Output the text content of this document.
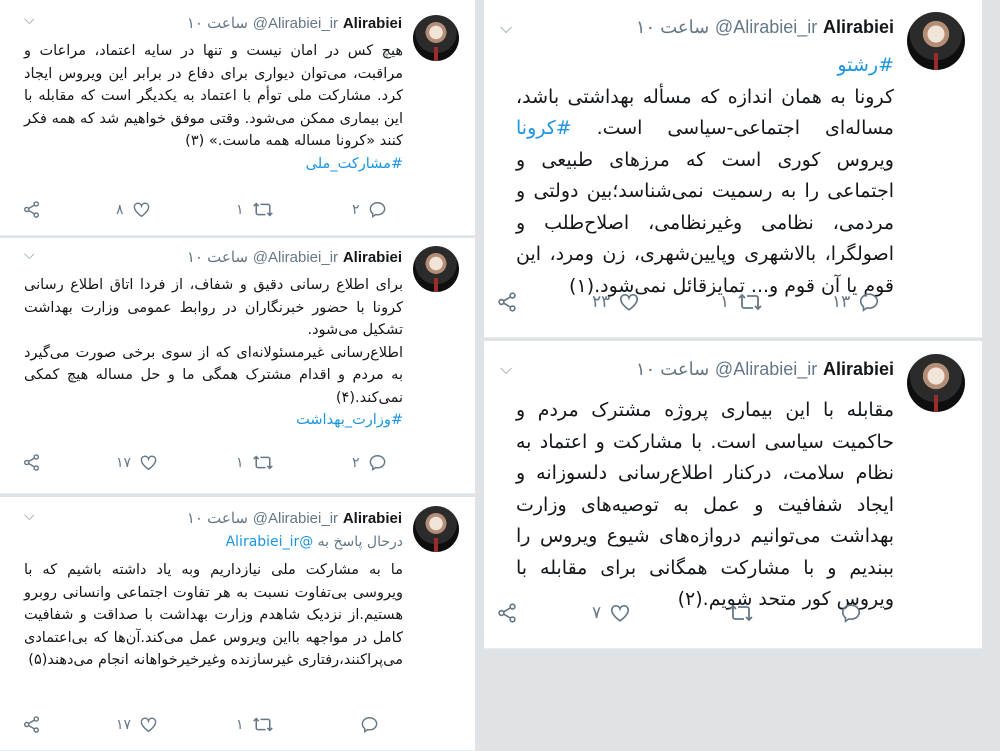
۱۰ ساعت @Alirabiei_ir Alirabiei
⌵
#رشتو
کرونا به همان اندازه که مسأله بهداشتی باشد، مساله‌ای اجتماعی-سیاسی است. #کرونا ویروس کوری است که مرزهای طبیعی و اجتماعی را به رسمیت نمی‌شناسد؛بین دولتی و مردمی، نظامی وغیرنظامی، اصلاح‌طلب و اصولگرا، بالاشهری وپایین‌شهری، زن ومرد، این قوم یا آن قوم و... تمایزقائل نمی‌شود.(۱)
۲۳	۱	۱۳
۱۰ ساعت @Alirabiei_ir Alirabiei
⌵
مقابله با این بیماری پروژه مشترک مردم و حاکمیت سیاسی است. با مشارکت و اعتماد به نظام سلامت، درکنار اطلاع‌رسانی دلسوزانه و ایجاد شفافیت و عمل به توصیه‌های وزارت بهداشت می‌توانیم دروازه‌های شیوع ویروس را ببندیم و با مشارکت همگانی برای مقابله با ویروس کور متحد شویم.(۲)
۷
۱۰ ساعت @Alirabiei_ir Alirabiei
⌵
هیچ کس در امان نیست و تنها در سایه اعتماد، مراعات و مراقبت، می‌توان دیواری برای دفاع در برابر این ویروس ایجاد کرد. مشارکت ملی توأم با اعتماد به یکدیگر است که مقابله با این بیماری ممکن می‌شود. وقتی موفق خواهیم شد که همه فکر کنند «کرونا مساله همه ماست.» (۳)
#مشارکت_ملی
۸	۱	۲
۱۰ ساعت @Alirabiei_ir Alirabiei
⌵
برای اطلاع رسانی دقیق و شفاف، از فردا اتاق اطلاع رسانی کرونا با حضور خبرنگاران در روابط عمومی وزارت بهداشت تشکیل می‌شود.
اطلاع‌رسانی غیرمسئولانه‌ای که از سوی برخی صورت می‌گیرد به مردم و اقدام مشترک همگی ما و حل مساله هیچ کمکی نمی‌کند.(۴)
#وزارت_بهداشت
۱۷	۱	۲
۱۰ ساعت @Alirabiei_ir Alirabiei
⌵
درحال پاسخ به @Alirabiei_ir
ما به مشارکت ملی نیازداریم وبه یاد داشته باشیم که با ویروسی بی‌تفاوت نسبت به هر تفاوت اجتماعی وانسانی روبرو هستیم.از نزدیک شاهدم وزارت بهداشت با صداقت و شفافیت کامل در مواجهه بااین ویروس عمل می‌کند.آن‌ها که بی‌اعتمادی می‌پراکنند،رفتاری غیرسازنده وغیرخیرخواهانه انجام می‌دهند(۵)
۱۷	۱
